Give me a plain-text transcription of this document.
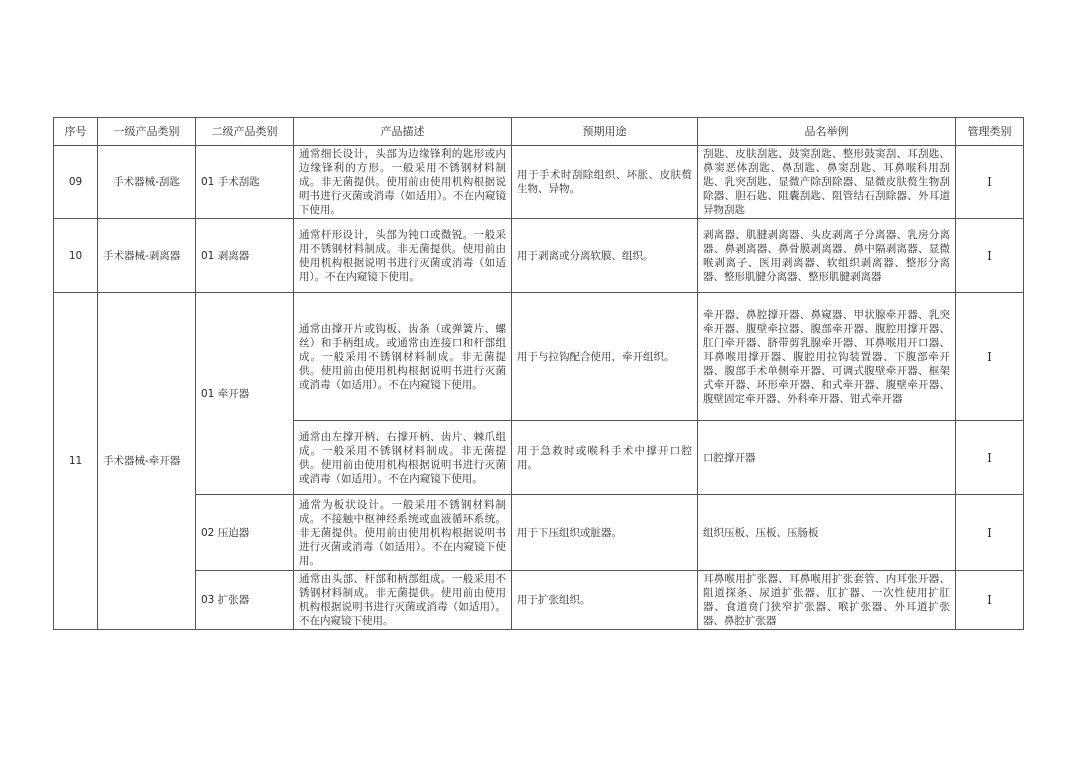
序号	一级产品类别	二级产品类别	产品描述	预期用途	品名举例	管理类别
09	手术器械-刮匙	01 手术刮匙	通常细长设计，头部为边缘锋利的匙形或内边缘锋利的方形。一般采用不锈钢材料制成。非无菌提供。使用前由使用机构根据说明书进行灭菌或消毒（如适用）。不在内窥镜下使用。	用于手术时刮除组织、坏胀、皮肤赘生物、异物。	刮匙、皮肤刮匙、鼓窦刮匙、整形鼓窦刮、耳刮匙、鼻窦恶体刮匙、鼻刮匙、鼻窦刮匙、耳鼻喉科用刮匙、乳突刮匙、显微产除刮除器、显微皮肤赘生物刮除器、胆石匙、阻囊刮匙、阻管结石刮除器、外耳道异物刮匙	Ⅰ
10	手术器械-剥离器	01 剥离器	通常杆形设计，头部为钝口或微锐。一般采用不锈钢材料制成。非无菌提供。使用前由使用机构根据说明书进行灭菌或消毒（如适用）。不在内窥镜下使用。	用于剥离或分离软膜、组织。	剥离器、肌腱剥离器、头皮剥离子分离器、乳房分离器、鼻剥离器、鼻骨膜剥离器、鼻中隔剥离器、显微喉剥离子、医用剥离器、软组织剥离器、整形分离器、整形肌腱分离器、整形肌腱剥离器	Ⅰ
11	手术器械-牵开器	01 牵开器	通常由撑开片或钩板、齿条（或弹簧片、螺丝）和手柄组成。或通常由连接口和杆部组成。一般采用不锈钢材料制成。非无菌提供。使用前由使用机构根据说明书进行灭菌或消毒（如适用）。不在内窥镜下使用。	用于与拉钩配合使用，牵开组织。	牵开器、鼻腔撑开器、鼻窥器、甲状腺牵开器、乳突牵开器、腹壁牵拉器、腹部牵开器、腹腔用撑开器、肛门牵开器、脐带剪乳腺牵开器、耳鼻喉用开口器、耳鼻喉用撑开器、腹腔用拉钩装置器、下腹部牵开器、腹部手术单侧牵开器、可调式腹壁牵开器、框架式牵开器、环形牵开器、和式牵开器、腹壁牵开器、腹壁固定牵开器、外科牵开器、钳式牵开器	Ⅰ
			通常由左撑开柄、右撑开柄、齿片、棘爪组成。一般采用不锈钢材料制成。非无菌提供。使用前由使用机构根据说明书进行灭菌或消毒（如适用）。不在内窥镜下使用。	用于急救时或喉科手术中撑开口腔用。	口腔撑开器	Ⅰ
		02 压迫器	通常为板状设计。一般采用不锈钢材料制成。不接触中枢神经系统或血液循环系统。非无菌提供。使用前由使用机构根据说明书进行灭菌或消毒（如适用）。不在内窥镜下使用。	用于下压组织或脏器。	组织压板、压板、压肠板	Ⅰ
		03 扩张器	通常由头部、杆部和柄部组成。一般采用不锈钢材料制成。非无菌提供。使用前由使用机构根据说明书进行灭菌或消毒（如适用）。不在内窥镜下使用。	用于扩张组织。	耳鼻喉用扩张器、耳鼻喉用扩张套管、内耳张开器、阻道探条、尿道扩张器、肛扩器、一次性使用扩肛器、食道贲门狭窄扩张器、喉扩张器、外耳道扩张器、鼻腔扩张器	Ⅰ
